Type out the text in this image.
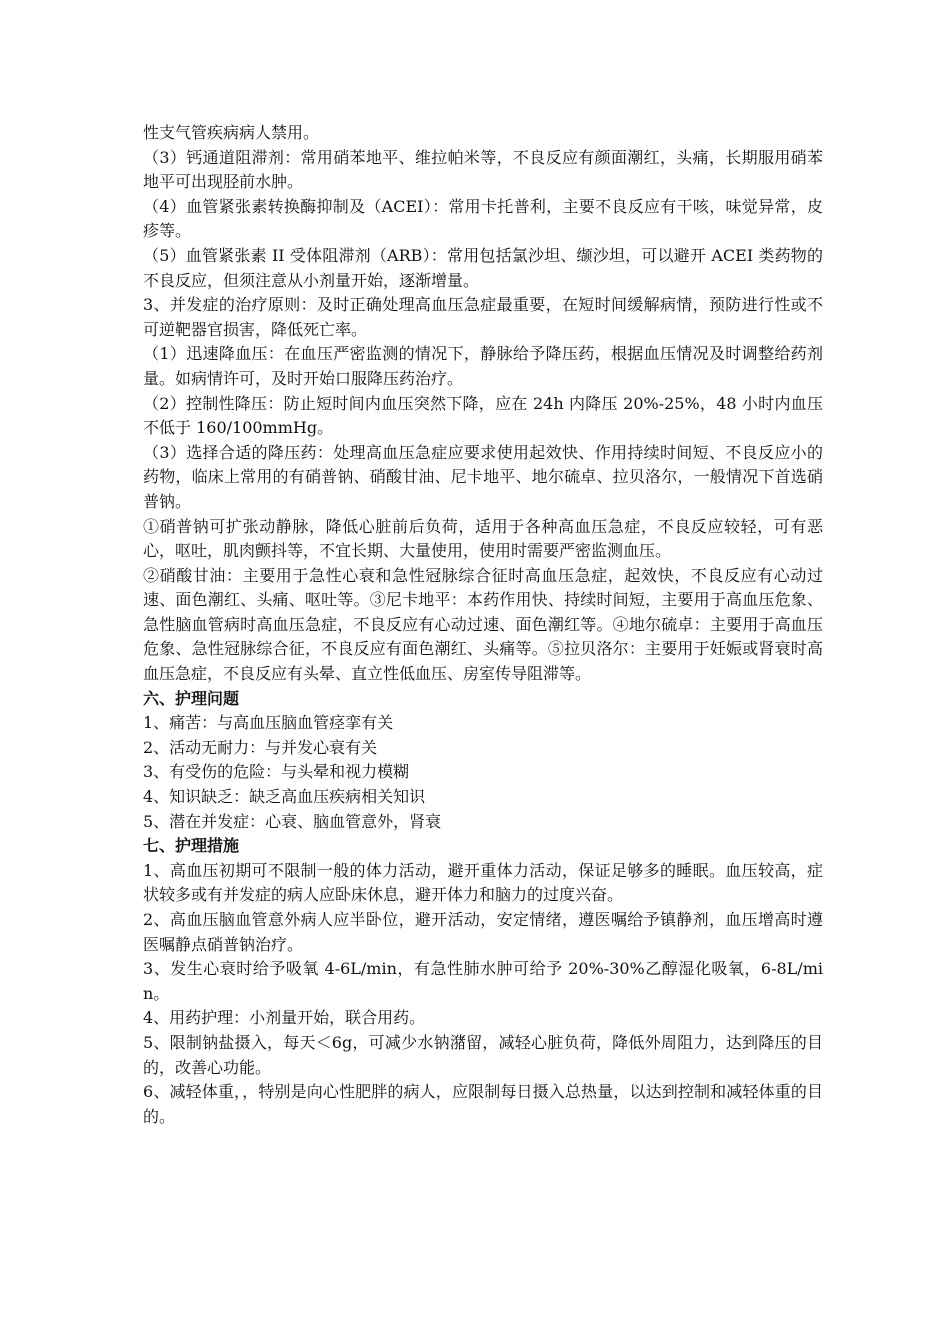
性支气管疾病病人禁用。

（3）钙通道阻滞剂：常用硝苯地平、维拉帕米等，不良反应有颜面潮红，头痛，长期服用硝苯地平可出现胫前水肿。

（4）血管紧张素转换酶抑制及（ACEI）：常用卡托普利，主要不良反应有干咳，味觉异常，皮疹等。

（5）血管紧张素 II 受体阻滞剂（ARB）：常用包括氯沙坦、缬沙坦，可以避开 ACEI 类药物的不良反应，但须注意从小剂量开始，逐渐增量。

3、并发症的治疗原则：及时正确处理高血压急症最重要，在短时间缓解病情，预防进行性或不可逆靶器官损害，降低死亡率。

（1）迅速降血压：在血压严密监测的情况下，静脉给予降压药，根据血压情况及时调整给药剂量。如病情许可，及时开始口服降压药治疗。

（2）控制性降压：防止短时间内血压突然下降，应在 24h 内降压 20%-25%，48 小时内血压不低于 160/100mmHg。

（3）选择合适的降压药：处理高血压急症应要求使用起效快、作用持续时间短、不良反应小的药物，临床上常用的有硝普钠、硝酸甘油、尼卡地平、地尔硫卓、拉贝洛尔，一般情况下首选硝普钠。

①硝普钠可扩张动静脉，降低心脏前后负荷，适用于各种高血压急症，不良反应较轻，可有恶心，呕吐，肌肉颤抖等，不宜长期、大量使用，使用时需要严密监测血压。

②硝酸甘油：主要用于急性心衰和急性冠脉综合征时高血压急症，起效快，不良反应有心动过速、面色潮红、头痛、呕吐等。③尼卡地平：本药作用快、持续时间短，主要用于高血压危象、急性脑血管病时高血压急症，不良反应有心动过速、面色潮红等。④地尔硫卓：主要用于高血压危象、急性冠脉综合征，不良反应有面色潮红、头痛等。⑤拉贝洛尔：主要用于妊娠或肾衰时高血压急症，不良反应有头晕、直立性低血压、房室传导阻滞等。

六、护理问题

1、痛苦：与高血压脑血管痉挛有关

2、活动无耐力：与并发心衰有关

3、有受伤的危险：与头晕和视力模糊

4、知识缺乏：缺乏高血压疾病相关知识

5、潜在并发症：心衰、脑血管意外，肾衰

七、护理措施

1、高血压初期可不限制一般的体力活动，避开重体力活动，保证足够多的睡眠。血压较高，症状较多或有并发症的病人应卧床休息，避开体力和脑力的过度兴奋。

2、高血压脑血管意外病人应半卧位，避开活动，安定情绪，遵医嘱给予镇静剂，血压增高时遵医嘱静点硝普钠治疗。

3、发生心衰时给予吸氧 4-6L/min，有急性肺水肿可给予 20%-30%乙醇湿化吸氧，6-8L/min。

4、用药护理：小剂量开始，联合用药。

5、限制钠盐摄入，每天＜6g，可减少水钠潴留，减轻心脏负荷，降低外周阻力，达到降压的目的，改善心功能。

6、减轻体重，，特别是向心性肥胖的病人，应限制每日摄入总热量，以达到控制和减轻体重的目的。
